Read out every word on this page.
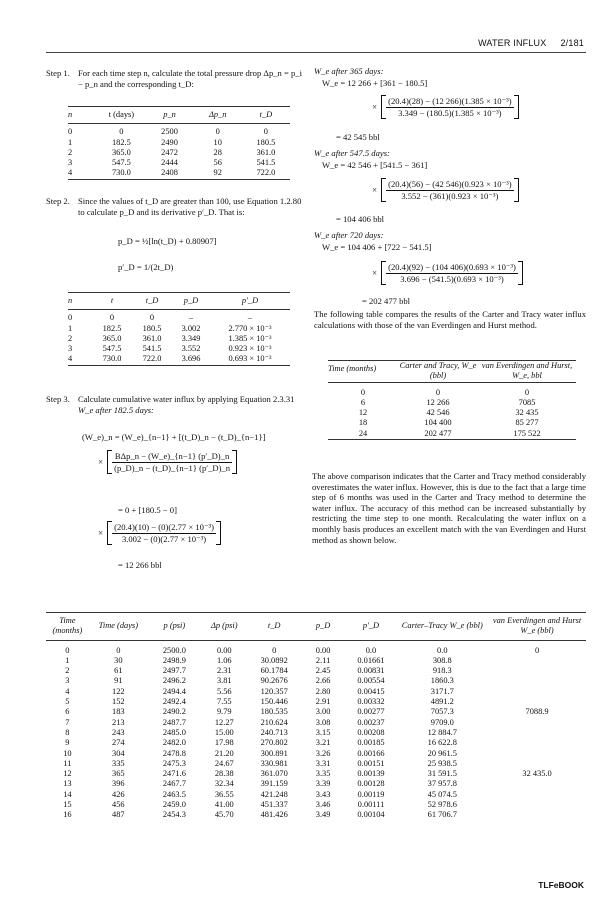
WATER INFLUX 2/181
Step 1. For each time step n, calculate the total pressure drop Δp_n = p_i − p_n and the corresponding t_D:
n	t (days)	p_n	Δp_n	t_D
0	0	2500	0	0
1	182.5	2490	10	180.5
2	365.0	2472	28	361.0
3	547.5	2444	56	541.5
4	730.0	2408	92	722.0
Step 2. Since the values of t_D are greater than 100, use Equation 1.2.80 to calculate p_D and its derivative p′_D. That is:
p_D = ½[ln(t_D) + 0.80907]
p′_D = 1/(2t_D)
n	t	t_D	p_D	p′_D
0	0	0	–	–
1	182.5	180.5	3.002	2.770 × 10⁻³
2	365.0	361.0	3.349	1.385 × 10⁻³
3	547.5	541.5	3.552	0.923 × 10⁻³
4	730.0	722.0	3.696	0.693 × 10⁻³
Step 3. Calculate cumulative water influx by applying Equation 2.3.31
W_e after 182.5 days:
(W_e)_n = (W_e)_{n−1} + [(t_D)_n − (t_D)_{n−1}]
× $\frac{\text{BΔp\_n − (W\_e)\_\{n−1\} (p′\_D)\_n}}{(p\_D)\_n - (t\_D)\_\{n-1\} (p'\_D)\_n}$
= 0 + [180.5 − 0]
× $\frac{\text{(20.4)(10) − (0)(2.77 × 10⁻³)}}{\text{3.002 − (0)(2.77 × 10⁻³)}}$
= 12 266 bbl
W_e after 365 days:
W_e = 12 266 + [361 − 180.5]
× $\frac{\text{(20.4)(28) − (12 266)(1.385 × 10⁻³)}}{\text{3.349 − (180.5)(1.385 × 10⁻³)}}$
= 42 545 bbl
W_e after 547.5 days:
W_e = 42 546 + [541.5 − 361]
× $\frac{\text{(20.4)(56) − (42 546)(0.923 × 10⁻³)}}{\text{3.552 − (361)(0.923 × 10⁻³)}}$
= 104 406 bbl
W_e after 720 days:
W_e = 104 406 + [722 − 541.5]
× $\frac{\text{(20.4)(92) − (104 406)(0.693 × 10⁻³)}}{\text{3.696 − (541.5)(0.693 × 10⁻³)}}$
= 202 477 bbl
The following table compares the results of the Carter and Tracy water influx calculations with those of the van Everdingen and Hurst method.
Time (months)	Carter and Tracy, W_e (bbl)	van Everdingen and Hurst, W_e, bbl
0	0	0
6	12 266	7085
12	42 546	32 435
18	104 400	85 277
24	202 477	175 522
The above comparison indicates that the Carter and Tracy method considerably overestimates the water influx. However, this is due to the fact that a large time step of 6 months was used in the Carter and Tracy method to determine the water influx. The accuracy of this method can be increased substantially by restricting the time step to one month. Recalculating the water influx on a monthly basis produces an excellent match with the van Everdingen and Hurst method as shown below.
Time (months)	Time (days)	p (psi)	Δp (psi)	t_D	p_D	p′_D	Carter–Tracy W_e (bbl)	van Everdingen and Hurst W_e (bbl)
0	0	2500.0	0.00	0	0.00	0.0	0.0	0
1	30	2498.9	1.06	30.0892	2.11	0.01661	308.8	
2	61	2497.7	2.31	60.1784	2.45	0.00831	918.3	
3	91	2496.2	3.81	90.2676	2.66	0.00554	1860.3	
4	122	2494.4	5.56	120.357	2.80	0.00415	3171.7	
5	152	2492.4	7.55	150.446	2.91	0.00332	4891.2	
6	183	2490.2	9.79	180.535	3.00	0.00277	7057.3	7088.9
7	213	2487.7	12.27	210.624	3.08	0.00237	9709.0	
8	243	2485.0	15.00	240.713	3.15	0.00208	12 884.7	
9	274	2482.0	17.98	270.802	3.21	0.00185	16 622.8	
10	304	2478.8	21.20	300.891	3.26	0.00166	20 961.5	
11	335	2475.3	24.67	330.981	3.31	0.00151	25 938.5	
12	365	2471.6	28.38	361.070	3.35	0.00139	31 591.5	32 435.0
13	396	2467.7	32.34	391.159	3.39	0.00128	37 957.8	
14	426	2463.5	36.55	421.248	3.43	0.00119	45 074.5	
15	456	2459.0	41.00	451.337	3.46	0.00111	52 978.6	
16	487	2454.3	45.70	481.426	3.49	0.00104	61 706.7	
TLFeBOOK
